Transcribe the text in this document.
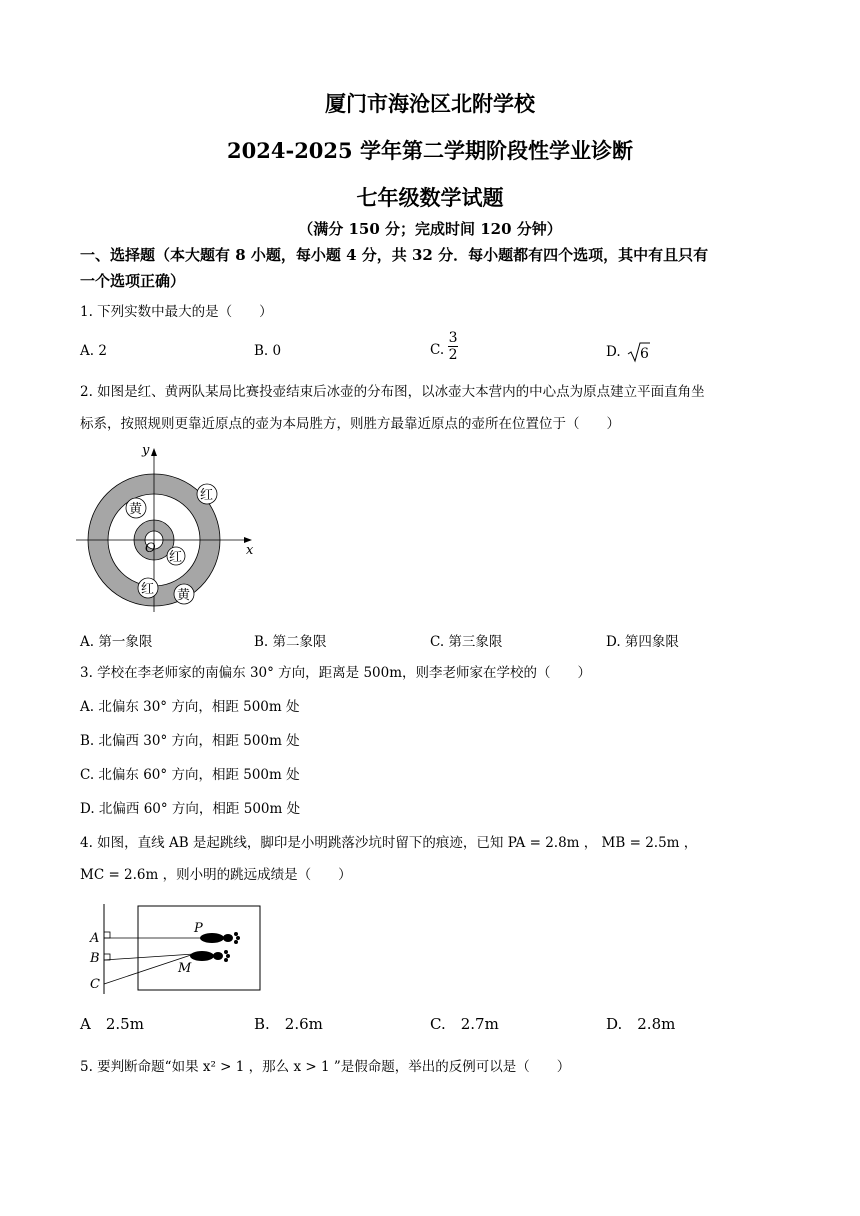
厦门市海沧区北附学校
2024-2025 学年第二学期阶段性学业诊断
七年级数学试题
（满分 150 分；完成时间 120 分钟）
一、选择题（本大题有 8 小题，每小题 4 分，共 32 分．每小题都有四个选项，其中有且只有
一个选项正确）
1. 下列实数中最大的是（　　）
A. 2	B. 0	C. $\frac{3}{2}$	D. 6
2. 如图是红、黄两队某局比赛投壶结束后冰壶的分布图，以冰壶大本营内的中心点为原点建立平面直角坐
标系，按照规则更靠近原点的壶为本局胜方，则胜方最靠近原点的壶所在位置位于（　　）
y
x
O
黄
红
红
红 黄
A. 第一象限	B. 第二象限	C. 第三象限	D. 第四象限
3. 学校在李老师家的南偏东 30° 方向，距离是 500m，则李老师家在学校的（　　）
A. 北偏东 30° 方向，相距 500m 处
B. 北偏西 30° 方向，相距 500m 处
C. 北偏东 60° 方向，相距 500m 处
D. 北偏西 60° 方向，相距 500m 处
4. 如图，直线 AB 是起跳线，脚印是小明跳落沙坑时留下的痕迹，已知 PA = 2.8m ， MB = 2.5m ，
MC = 2.6m ，则小明的跳远成绩是（　　）
A
B
C
P
M
A　2.5m	B.　2.6m	C.　2.7m	D.　2.8m
5. 要判断命题“如果 x² > 1 ，那么 x > 1 ”是假命题，举出的反例可以是（　　）
